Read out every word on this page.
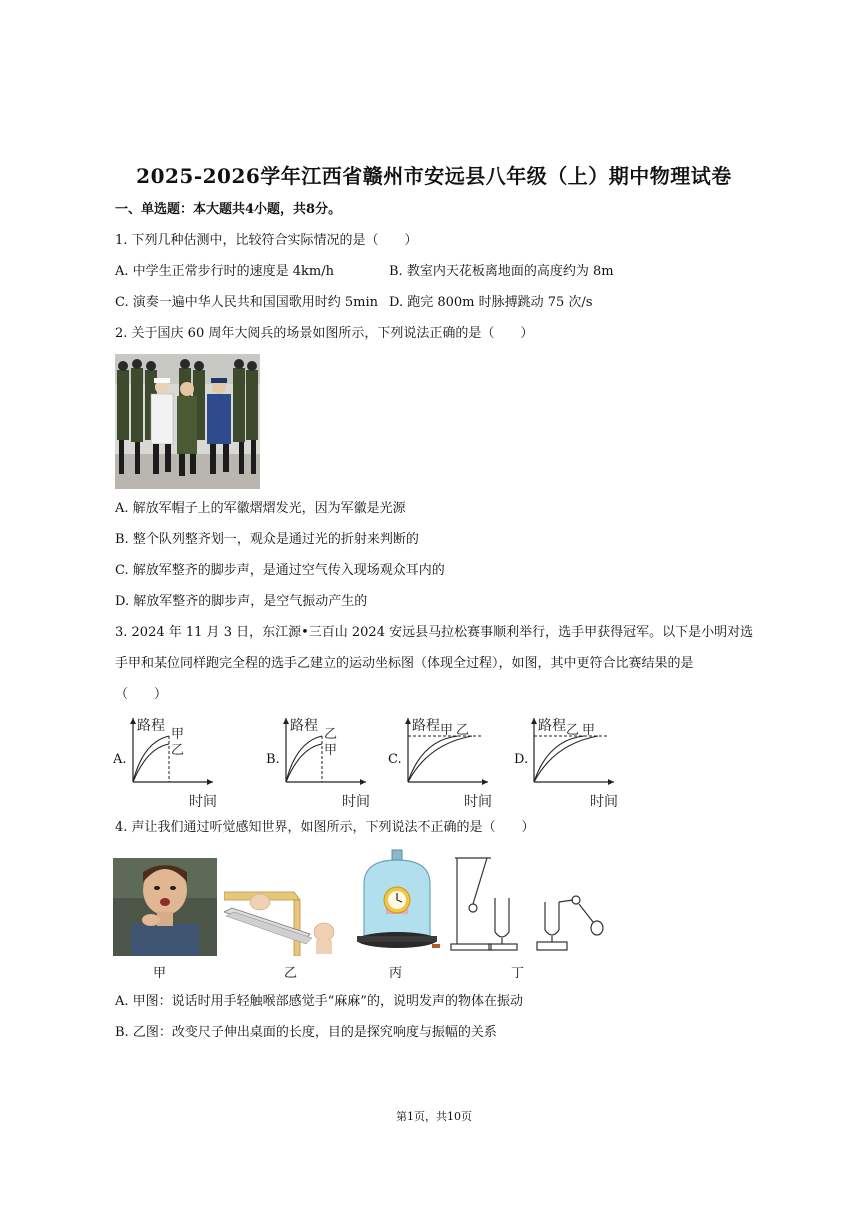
2025-2026学年江西省赣州市安远县八年级（上）期中物理试卷
一、单选题：本大题共4小题，共8分。
1. 下列几种估测中，比较符合实际情况的是（　　）
A. 中学生正常步行时的速度是 4km/h	B. 教室内天花板离地面的高度约为 8m
C. 演奏一遍中华人民共和国国歌用时约 5min D. 跑完 800m 时脉搏跳动 75 次/s
2. 关于国庆 60 周年大阅兵的场景如图所示，下列说法正确的是（　　）
A. 解放军帽子上的军徽熠熠发光，因为军徽是光源
B. 整个队列整齐划一，观众是通过光的折射来判断的
C. 解放军整齐的脚步声，是通过空气传入现场观众耳内的
D. 解放军整齐的脚步声，是空气振动产生的
3. 2024 年 11 月 3 日，东江源•三百山 2024 安远县马拉松赛事顺利举行，选手甲获得冠军。以下是小明对选
手甲和某位同样跑完全程的选手乙建立的运动坐标图（体现全过程），如图，其中更符合比赛结果的是
（　　）
A.
路程
时间
甲
乙
B.
路程
时间
乙
甲
C.
路程
时间
甲 乙
D.
路程
时间
乙 甲
4. 声让我们通过听觉感知世界，如图所示，下列说法不正确的是（　　）
甲	乙	丙	丁
A. 甲图：说话时用手轻触喉部感觉手“麻麻”的，说明发声的物体在振动
B. 乙图：改变尺子伸出桌面的长度，目的是探究响度与振幅的关系
第1页，共10页
